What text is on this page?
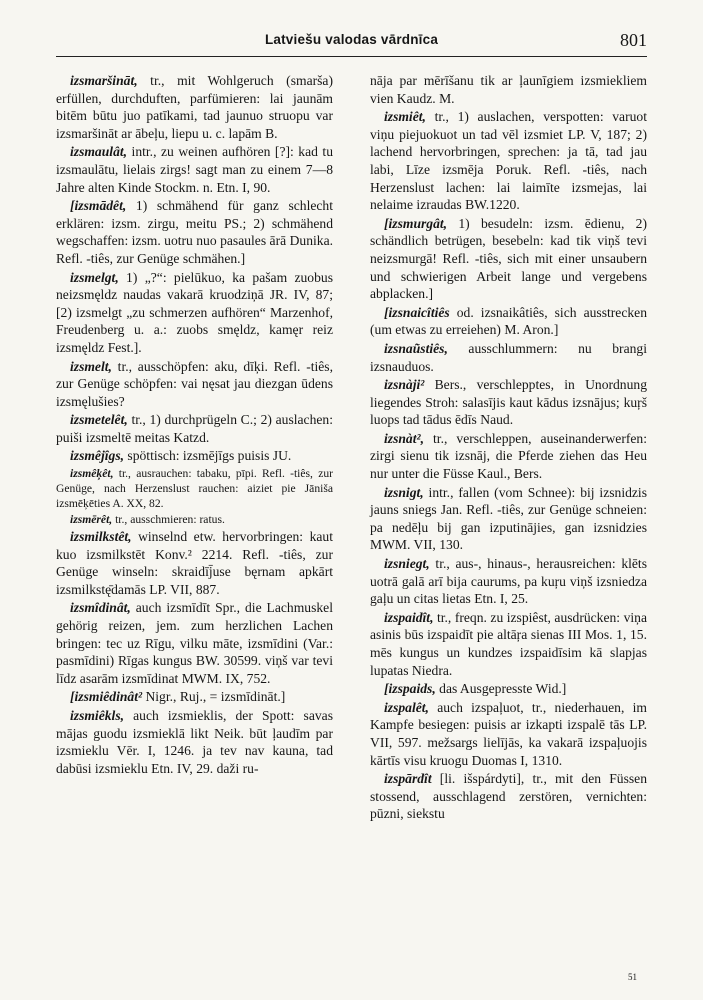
Latviešu valodas vārdnīca	801

izsmaršināt, tr., mit Wohlgeruch (smarša) erfüllen, durchduften, parfümieren: lai jaunām bitēm būtu juo patīkami, tad jaunuo struopu var izsmaršināt ar ābeļu, liepu u. c. lapām B.

izsmaulât, intr., zu weinen aufhören [?]: kad tu izsmaulātu, lielais zirgs! sagt man zu einem 7—8 Jahre alten Kinde Stockm. n. Etn. I, 90.

[izsmādêt, 1) schmähend für ganz schlecht erklären: izsm. zirgu, meitu PS.; 2) schmähend wegschaffen: izsm. uotru nuo pasaules ārā Dunika. Refl. -tiês, zur Genüge schmähen.]

izsmelgt, 1) „?“: pielūkuo, ka pašam zuobus neizsmęldz naudas vakarā kruodziņā JR. IV, 87; [2) izsmelgt „zu schmerzen aufhören“ Marzenhof, Freudenberg u. a.: zuobs smęldz, kamęr reiz izsmęldz Fest.].

izsmelt, tr., ausschöpfen: aku, dīķi. Refl. -tiês, zur Genüge schöpfen: vai nęsat jau diezgan ūdens izsmęlušies?

izsmetelêt, tr., 1) durchprügeln C.; 2) auslachen: puiši izsmeltē meitas Katzd.

izsmêjîgs, spöttisch: izsmējīgs puisis JU.

izsmêķêt, tr., ausrauchen: tabaku, pīpi. Refl. -tiês, zur Genüge, nach Herzenslust rauchen: aiziet pie Jāniša izsmēķēties A. XX, 82.

izsmērêt, tr., ausschmieren: ratus.

izsmilkstêt, winselnd etw. hervorbringen: kaut kuo izsmilkstēt Konv.² 2214. Refl. -tiês, zur Genüge winseln: skraidīj̄use bęrnam apkārt izsmilkstę̄damās LP. VII, 887.

izsmîdinât, auch izsmīdīt Spr., die Lachmuskel gehörig reizen, jem. zum herzlichen Lachen bringen: tec uz Rīgu, vilku mātе, izsmīdini (Var.: pasmīdini) Rīgas kungus BW. 30599. viņš var tevi līdz asarām izsmīdinat MWM. IX, 752.

[izsmiêdinât² Nigr., Ruj., = izsmīdināt.]

izsmiêkls, auch izsmieklis, der Spott: savas mājas guodu izsmieklā likt Neik. būt ļaudīm par izsmieklu Vēr. I, 1246. ja tev nav kauna, tad dabūsi izsmieklu Etn. IV, 29. dažі ru-

nāja par mērīšanu tik ar ļaunīgiem izsmiekliem vien Kaudz. M.

izsmiêt, tr., 1) auslachen, verspotten: varuot viņu piejuokuot un tad vēl izsmiet LP. V, 187; 2) lachend hervorbringen, sprechen: ja tā, tad jau labi, Līze izsmēja Poruk. Refl. -tiês, nach Herzenslust lachen: lai laimīte izsmejas, lai nelaime izraudas BW.1220.

[izsmurgât, 1) besudeln: izsm. ēdienu, 2) schändlich betrügen, besebeln: kad tik viņš tevi neizsmurgā! Refl. -tiês, sich mit einer unsaubern und schwierigen Arbeit lange und vergebens abplacken.]

[izsnaicîtiês od. izsnaikâtiês, sich ausstrecken (um etwas zu erreiehen) M. Aron.]

izsnaũstiês, ausschlummern: nu brangi izsnauduos.

izsnàji² Bers., verschlepptes, in Unordnung liegendes Stroh: salasījis kaut kādus izsnājus; kuŗš luops tad tādus ēdīs Naud.

izsnàt², tr., verschleppen, auseinanderwerfen: zirgi sienu tik izsnāj, die Pferde ziehen das Heu nur unter die Füsse Kaul., Bers.

izsnigt, intr., fallen (vom Schnee): bij izsnidzis jauns sniegs Jan. Refl. -tiês, zur Genüge schneien: pa nedēļu bij gan izputinājies, gan izsnidzies MWM. VII, 130.

izsniegt, tr., aus-, hinaus-, herausreichen: klēts uotrā galā arī bija caurums, pa kuŗu viņš izsniedza gaļu un citas lietas Etn. I, 25.

izspaidît, tr., freqn. zu izspiêst, ausdrücken: viņa asinis būs izspaidīt pie altāŗa sienas III Mos. 1, 15. mēs kungus un kundzes izspaidīsim kā slapjas lupatas Niedra.

[izspaids, das Ausgepresste Wid.]

izspalêt, auch izspaļuot, tr., niederhauen, im Kampfe besiegen: puisis ar izkapti izspalē tās LP. VII, 597. mežsargs lielījās, ka vakarā izspaļuojis kārtīs visu kruogu Duomas I, 1310.

izspārdît [li. išspárdyti], tr., mit den Füssen stossend, ausschlagend zerstören, vernichten: pūzni, siekstu

51
